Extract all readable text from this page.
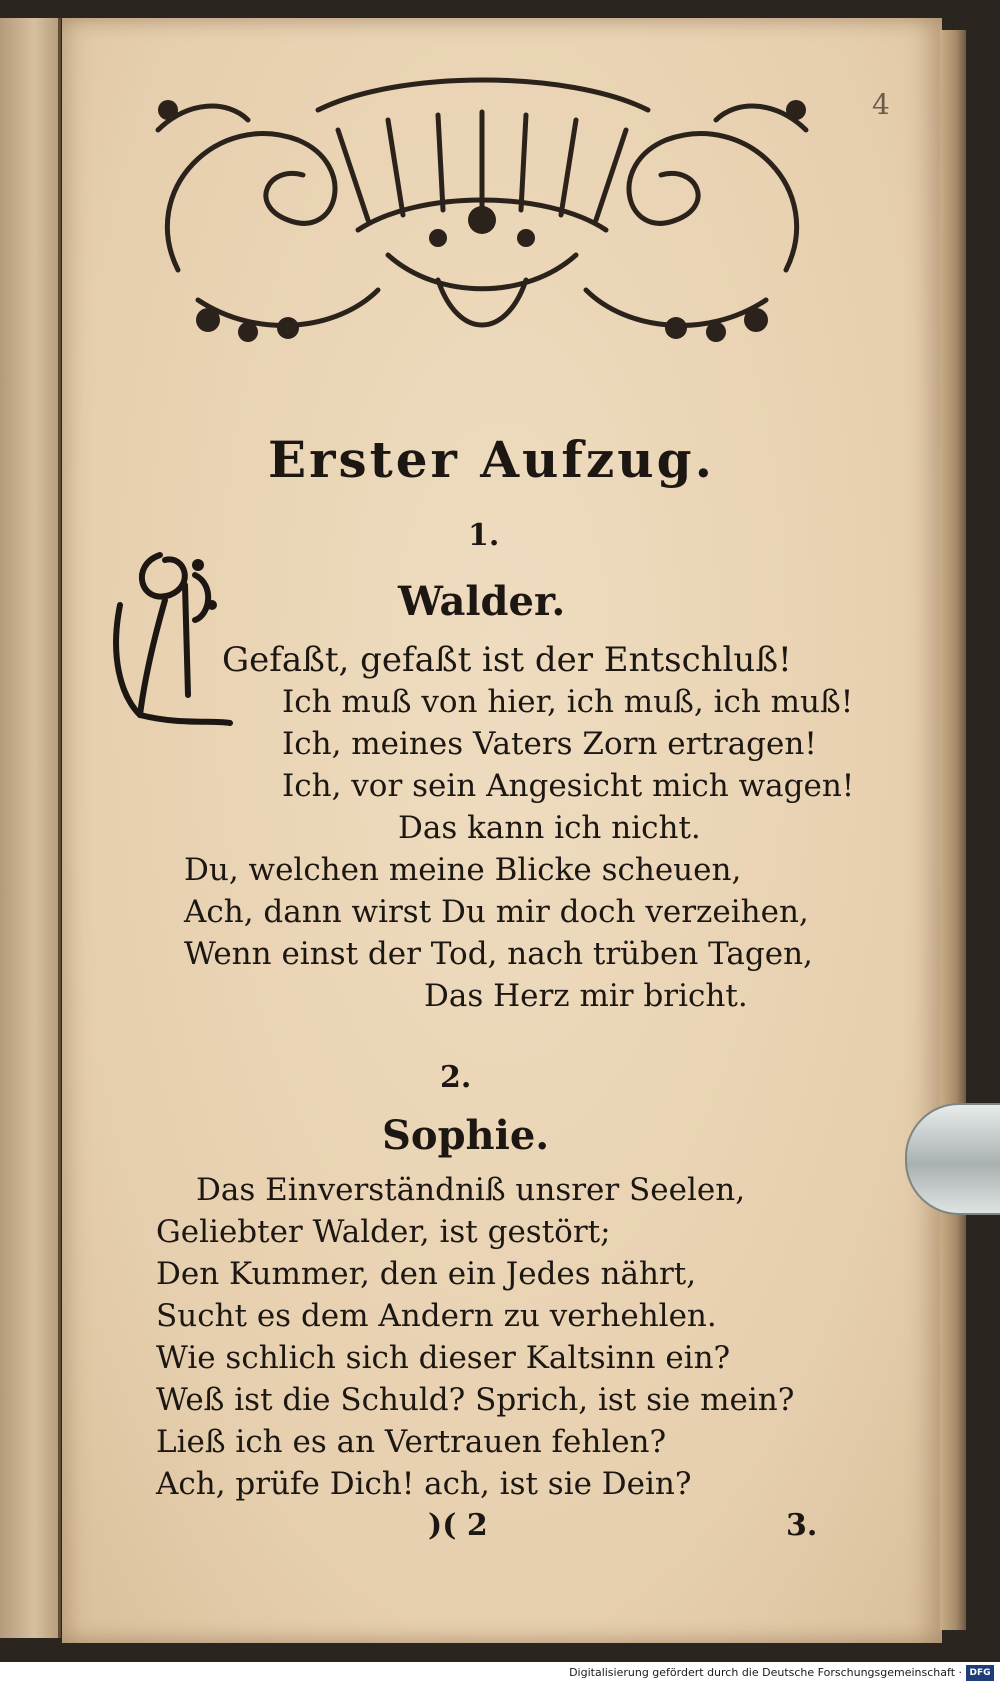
4
Erster Aufzug.
1.
Walder.
Gefaßt, gefaßt ist der Entschluß!
Ich muß von hier, ich muß, ich muß!
Ich, meines Vaters Zorn ertragen!
Ich, vor sein Angesicht mich wagen!
Das kann ich nicht.
Du, welchen meine Blicke scheuen,
Ach, dann wirst Du mir doch verzeihen,
Wenn einst der Tod, nach trüben Tagen,
Das Herz mir bricht.
2.
Sophie.
Das Einverständniß unsrer Seelen,
Geliebter Walder, ist gestört;
Den Kummer, den ein Jedes nährt,
Sucht es dem Andern zu verhehlen.
Wie schlich sich dieser Kaltsinn ein?
Weß ist die Schuld? Sprich, ist sie mein?
Ließ ich es an Vertrauen fehlen?
Ach, prüfe Dich! ach, ist sie Dein?
)( 2	3.
Digitalisierung gefördert durch die Deutsche Forschungsgemeinschaft · DFG
